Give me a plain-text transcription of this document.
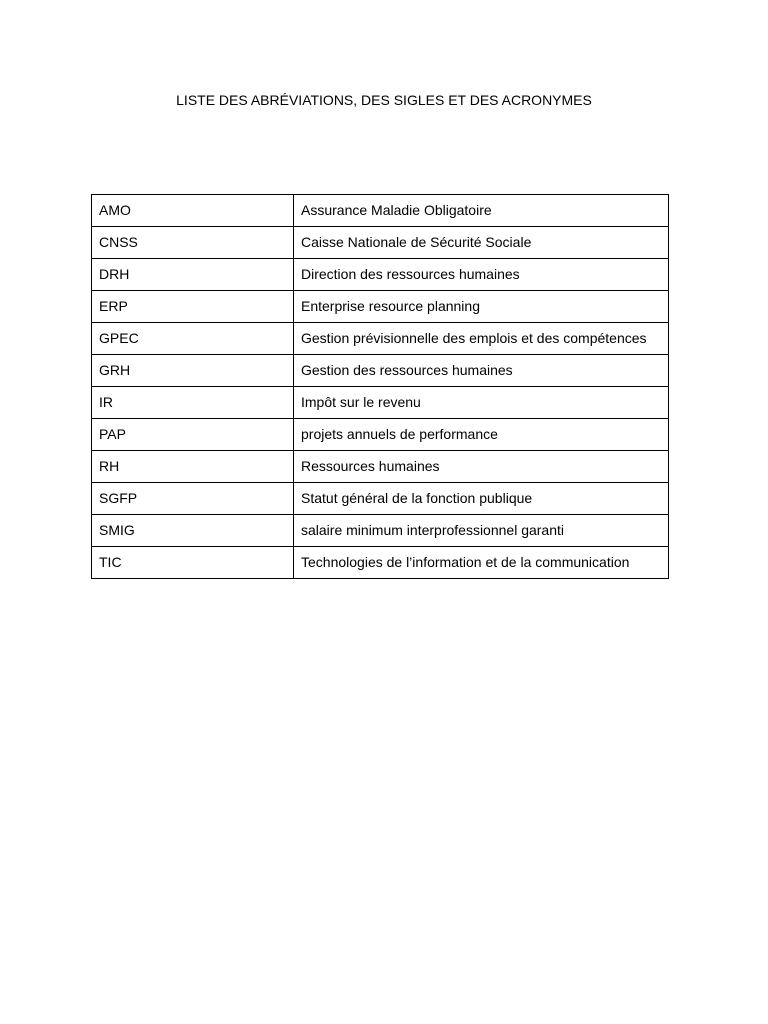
LISTE DES ABRÉVIATIONS, DES SIGLES ET DES ACRONYMES
AMO	Assurance Maladie Obligatoire

CNSS	Caisse Nationale de Sécurité Sociale

DRH	Direction des ressources humaines

ERP	Enterprise resource planning

GPEC	Gestion prévisionnelle des emplois et des compétences

GRH	Gestion des ressources humaines

IR	Impôt sur le revenu

PAP	projets annuels de performance

RH	Ressources humaines

SGFP	Statut général de la fonction publique

SMIG	salaire minimum interprofessionnel garanti

TIC	Technologies de l’information et de la communication
